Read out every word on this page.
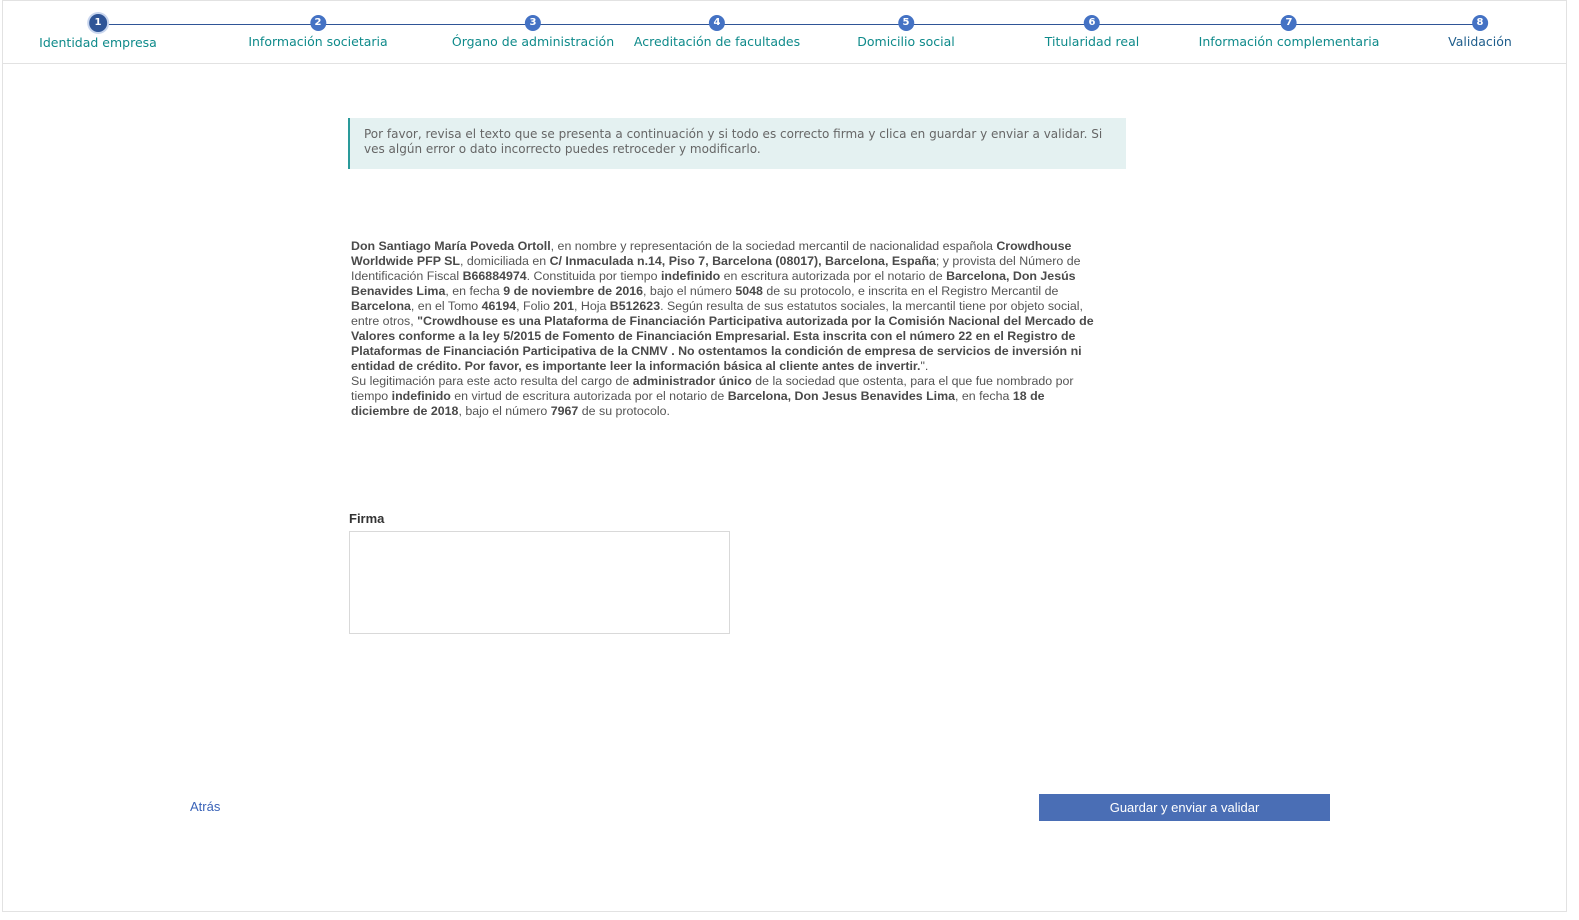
1
Identidad empresa
2
Información societaria
3
Órgano de administración
4
Acreditación de facultades
5
Domicilio social
6
Titularidad real
7
Información complementaria
8
Validación
Por favor, revisa el texto que se presenta a continuación y si todo es correcto firma y clica en guardar y enviar a validar. Si ves algún error o dato incorrecto puedes retroceder y modificarlo.
Don Santiago María Poveda Ortoll, en nombre y representación de la sociedad mercantil de nacionalidad española Crowdhouse Worldwide PFP SL, domiciliada en C/ Inmaculada n.14, Piso 7, Barcelona (08017), Barcelona, España; y provista del Número de Identificación Fiscal B66884974. Constituida por tiempo indefinido en escritura autorizada por el notario de Barcelona, Don Jesús Benavides Lima, en fecha 9 de noviembre de 2016, bajo el número 5048 de su protocolo, e inscrita en el Registro Mercantil de Barcelona, en el Tomo 46194, Folio 201, Hoja B512623. Según resulta de sus estatutos sociales, la mercantil tiene por objeto social, entre otros, "Crowdhouse es una Plataforma de Financiación Participativa autorizada por la Comisión Nacional del Mercado de Valores conforme a la ley 5/2015 de Fomento de Financiación Empresarial. Esta inscrita con el número 22 en el Registro de Plataformas de Financiación Participativa de la CNMV . No ostentamos la condición de empresa de servicios de inversión ni entidad de crédito. Por favor, es importante leer la información básica al cliente antes de invertir.".
Su legitimación para este acto resulta del cargo de administrador único de la sociedad que ostenta, para el que fue nombrado por tiempo indefinido en virtud de escritura autorizada por el notario de Barcelona, Don Jesus Benavides Lima, en fecha 18 de diciembre de 2018, bajo el número 7967 de su protocolo.
Firma
Atrás	Guardar y enviar a validar
